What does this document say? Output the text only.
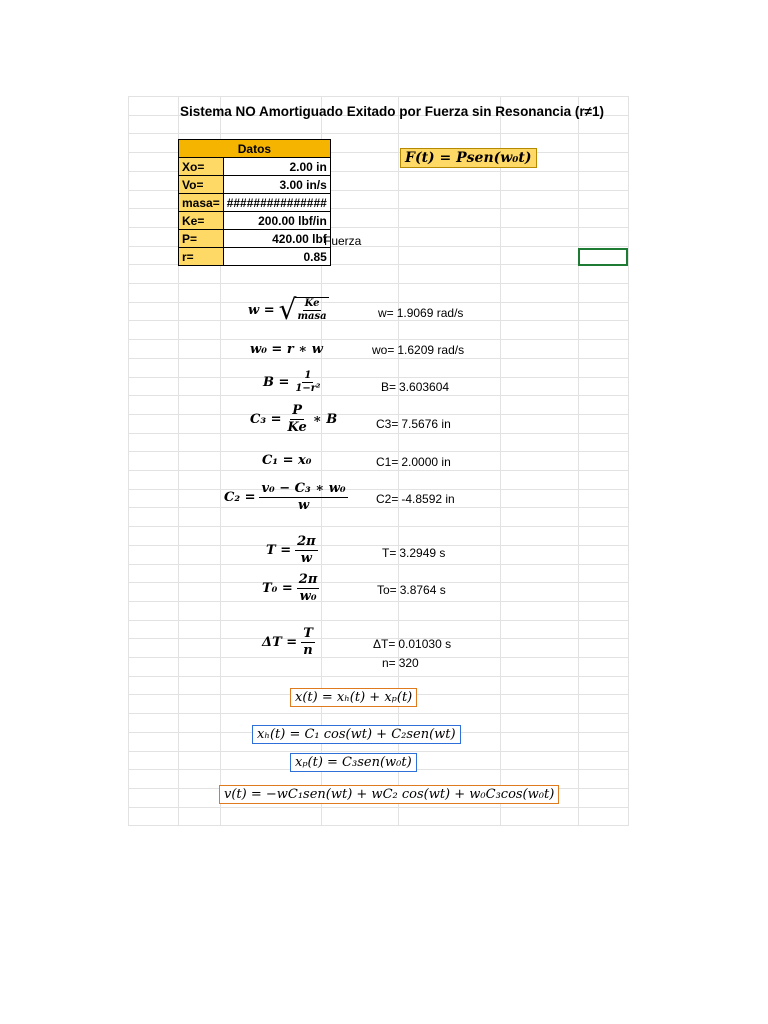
Sistema NO Amortiguado Exitado por Fuerza sin Resonancia (r≠1)
Datos	
Xo=	2.00 in
Vo=	3.00 in/s
masa=	###############
Ke=	200.00 lbf/in
P=	420.00 lbf
r=	0.85
Fuerza
F(t) = Psen(w₀t)
w = √ $\frac{Ke}{\text{masa}}$
w₀ = r ∗ w
$B = \frac{1}{\text{1−r²}}$
$C_3 = \frac{P}{Ke}$ ∗ B
C₁ = x₀
$C_2 = \frac{\text{v₀ − C₃ ∗ w₀}}{w}$
$T = \frac{2\pi}{w}$
$T_0 = \frac{2\pi}{\text{w₀}}$
$\Delta T = \frac{T}{n}$
w= 1.9069 rad/s
wo= 1.6209 rad/s
B= 3.603604
C3= 7.5676 in
C1= 2.0000 in
C2= -4.8592 in
T= 3.2949 s
To= 3.8764 s
ΔT= 0.01030 s
n= 320
x(t) = xₕ(t) + xₚ(t)
xₕ(t) = C₁ cos(wt) + C₂sen(wt)
xₚ(t) = C₃sen(w₀t)
v(t) = −wC₁sen(wt) + wC₂ cos(wt) + w₀C₃cos(w₀t)
